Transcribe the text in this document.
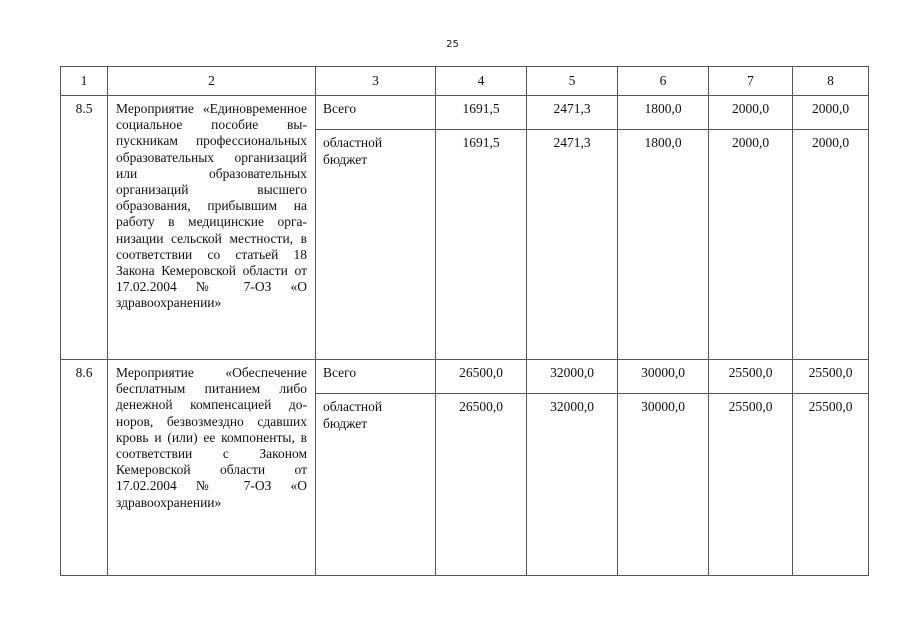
25
1	2	3	4	5	6	7	8
8.5	Мероприятие «Единовременное социальное пособие выпускникам профессиональных образовательных организаций или образовательных организаций высшего образования, прибывшим на работу в медицинские организации сельской местности, в соответствии со статьей 18 Закона Кемеровской области от 17.02.2004 № 7-ОЗ «О здравоохранении»	Всего	1691,5	2471,3	1800,0	2000,0	2000,0
		областной бюджет	1691,5	2471,3	1800,0	2000,0	2000,0
8.6	Мероприятие «Обеспечение бесплатным питанием либо денежной компенсацией доноров, безвозмездно сдавших кровь и (или) ее компоненты, в соответствии с Законом Кемеровской области от 17.02.2004 № 7-ОЗ «О здравоохранении»	Всего	26500,0	32000,0	30000,0	25500,0	25500,0
		областной бюджет	26500,0	32000,0	30000,0	25500,0	25500,0
